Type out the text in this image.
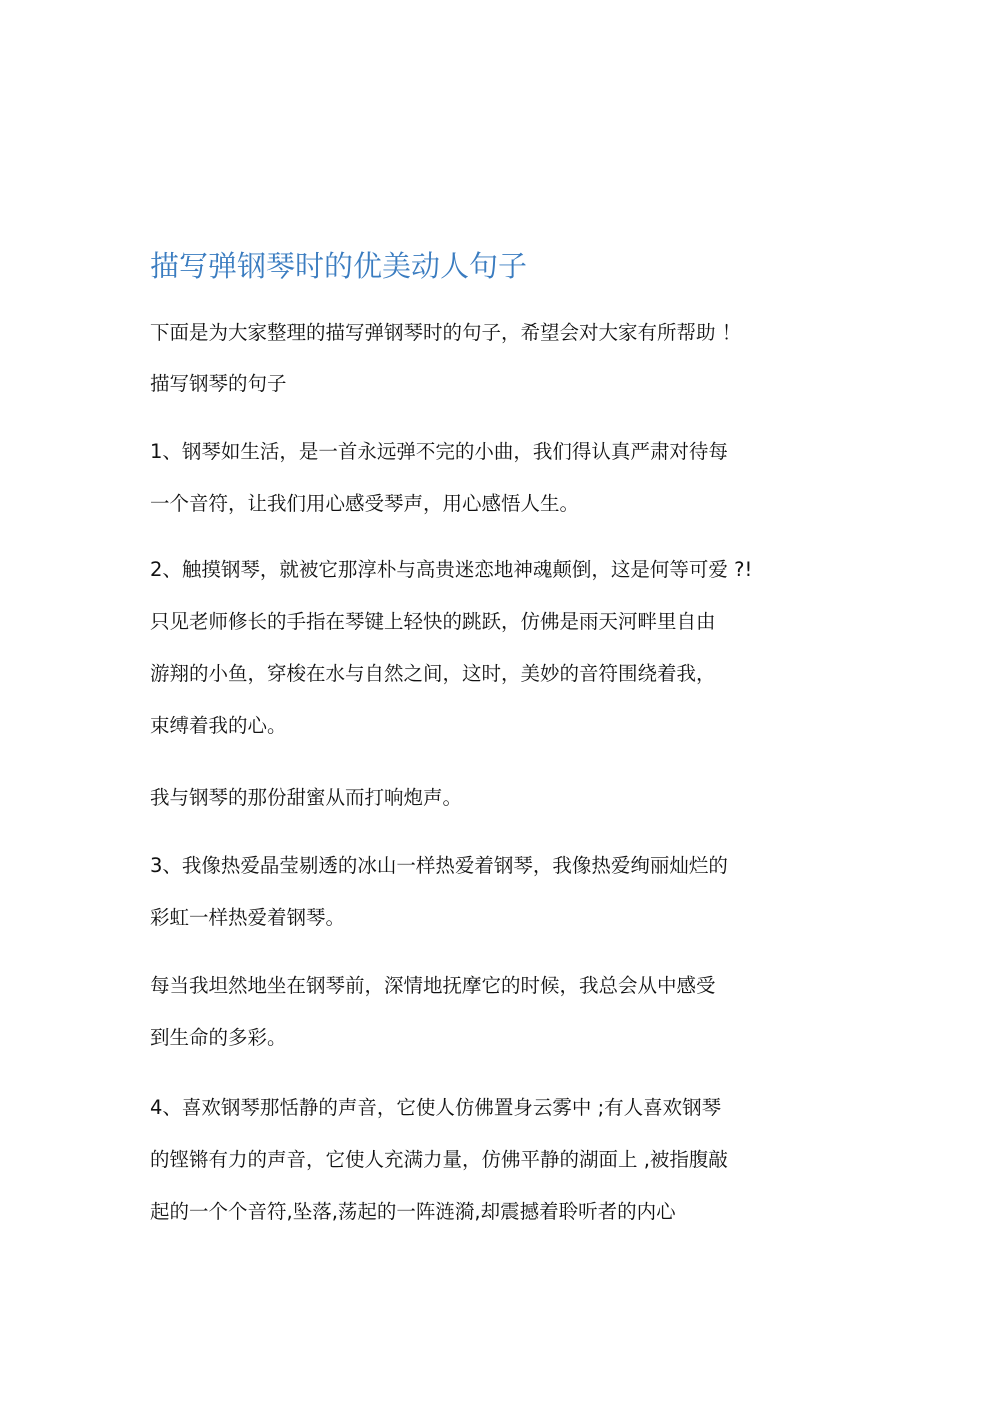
描写弹钢琴时的优美动人句子
下面是为大家整理的描写弹钢琴时的句子，希望会对大家有所帮助 ！
描写钢琴的句子
1、钢琴如生活，是一首永远弹不完的小曲，我们得认真严肃对待每
一个音符，让我们用心感受琴声，用心感悟人生。
2、触摸钢琴，就被它那淳朴与高贵迷恋地神魂颠倒，这是何等可爱 ?!
只见老师修长的手指在琴键上轻快的跳跃，仿佛是雨天河畔里自由
游翔的小鱼，穿梭在水与自然之间，这时，美妙的音符围绕着我，
束缚着我的心。
我与钢琴的那份甜蜜从而打响炮声。
3、我像热爱晶莹剔透的冰山一样热爱着钢琴，我像热爱绚丽灿烂的
彩虹一样热爱着钢琴。
每当我坦然地坐在钢琴前，深情地抚摩它的时候，我总会从中感受
到生命的多彩。
4、喜欢钢琴那恬静的声音，它使人仿佛置身云雾中 ;有人喜欢钢琴
的铿锵有力的声音，它使人充满力量，仿佛平静的湖面上 ,被指腹敲
起的一个个音符,坠落,荡起的一阵涟漪,却震撼着聆听者的内心
